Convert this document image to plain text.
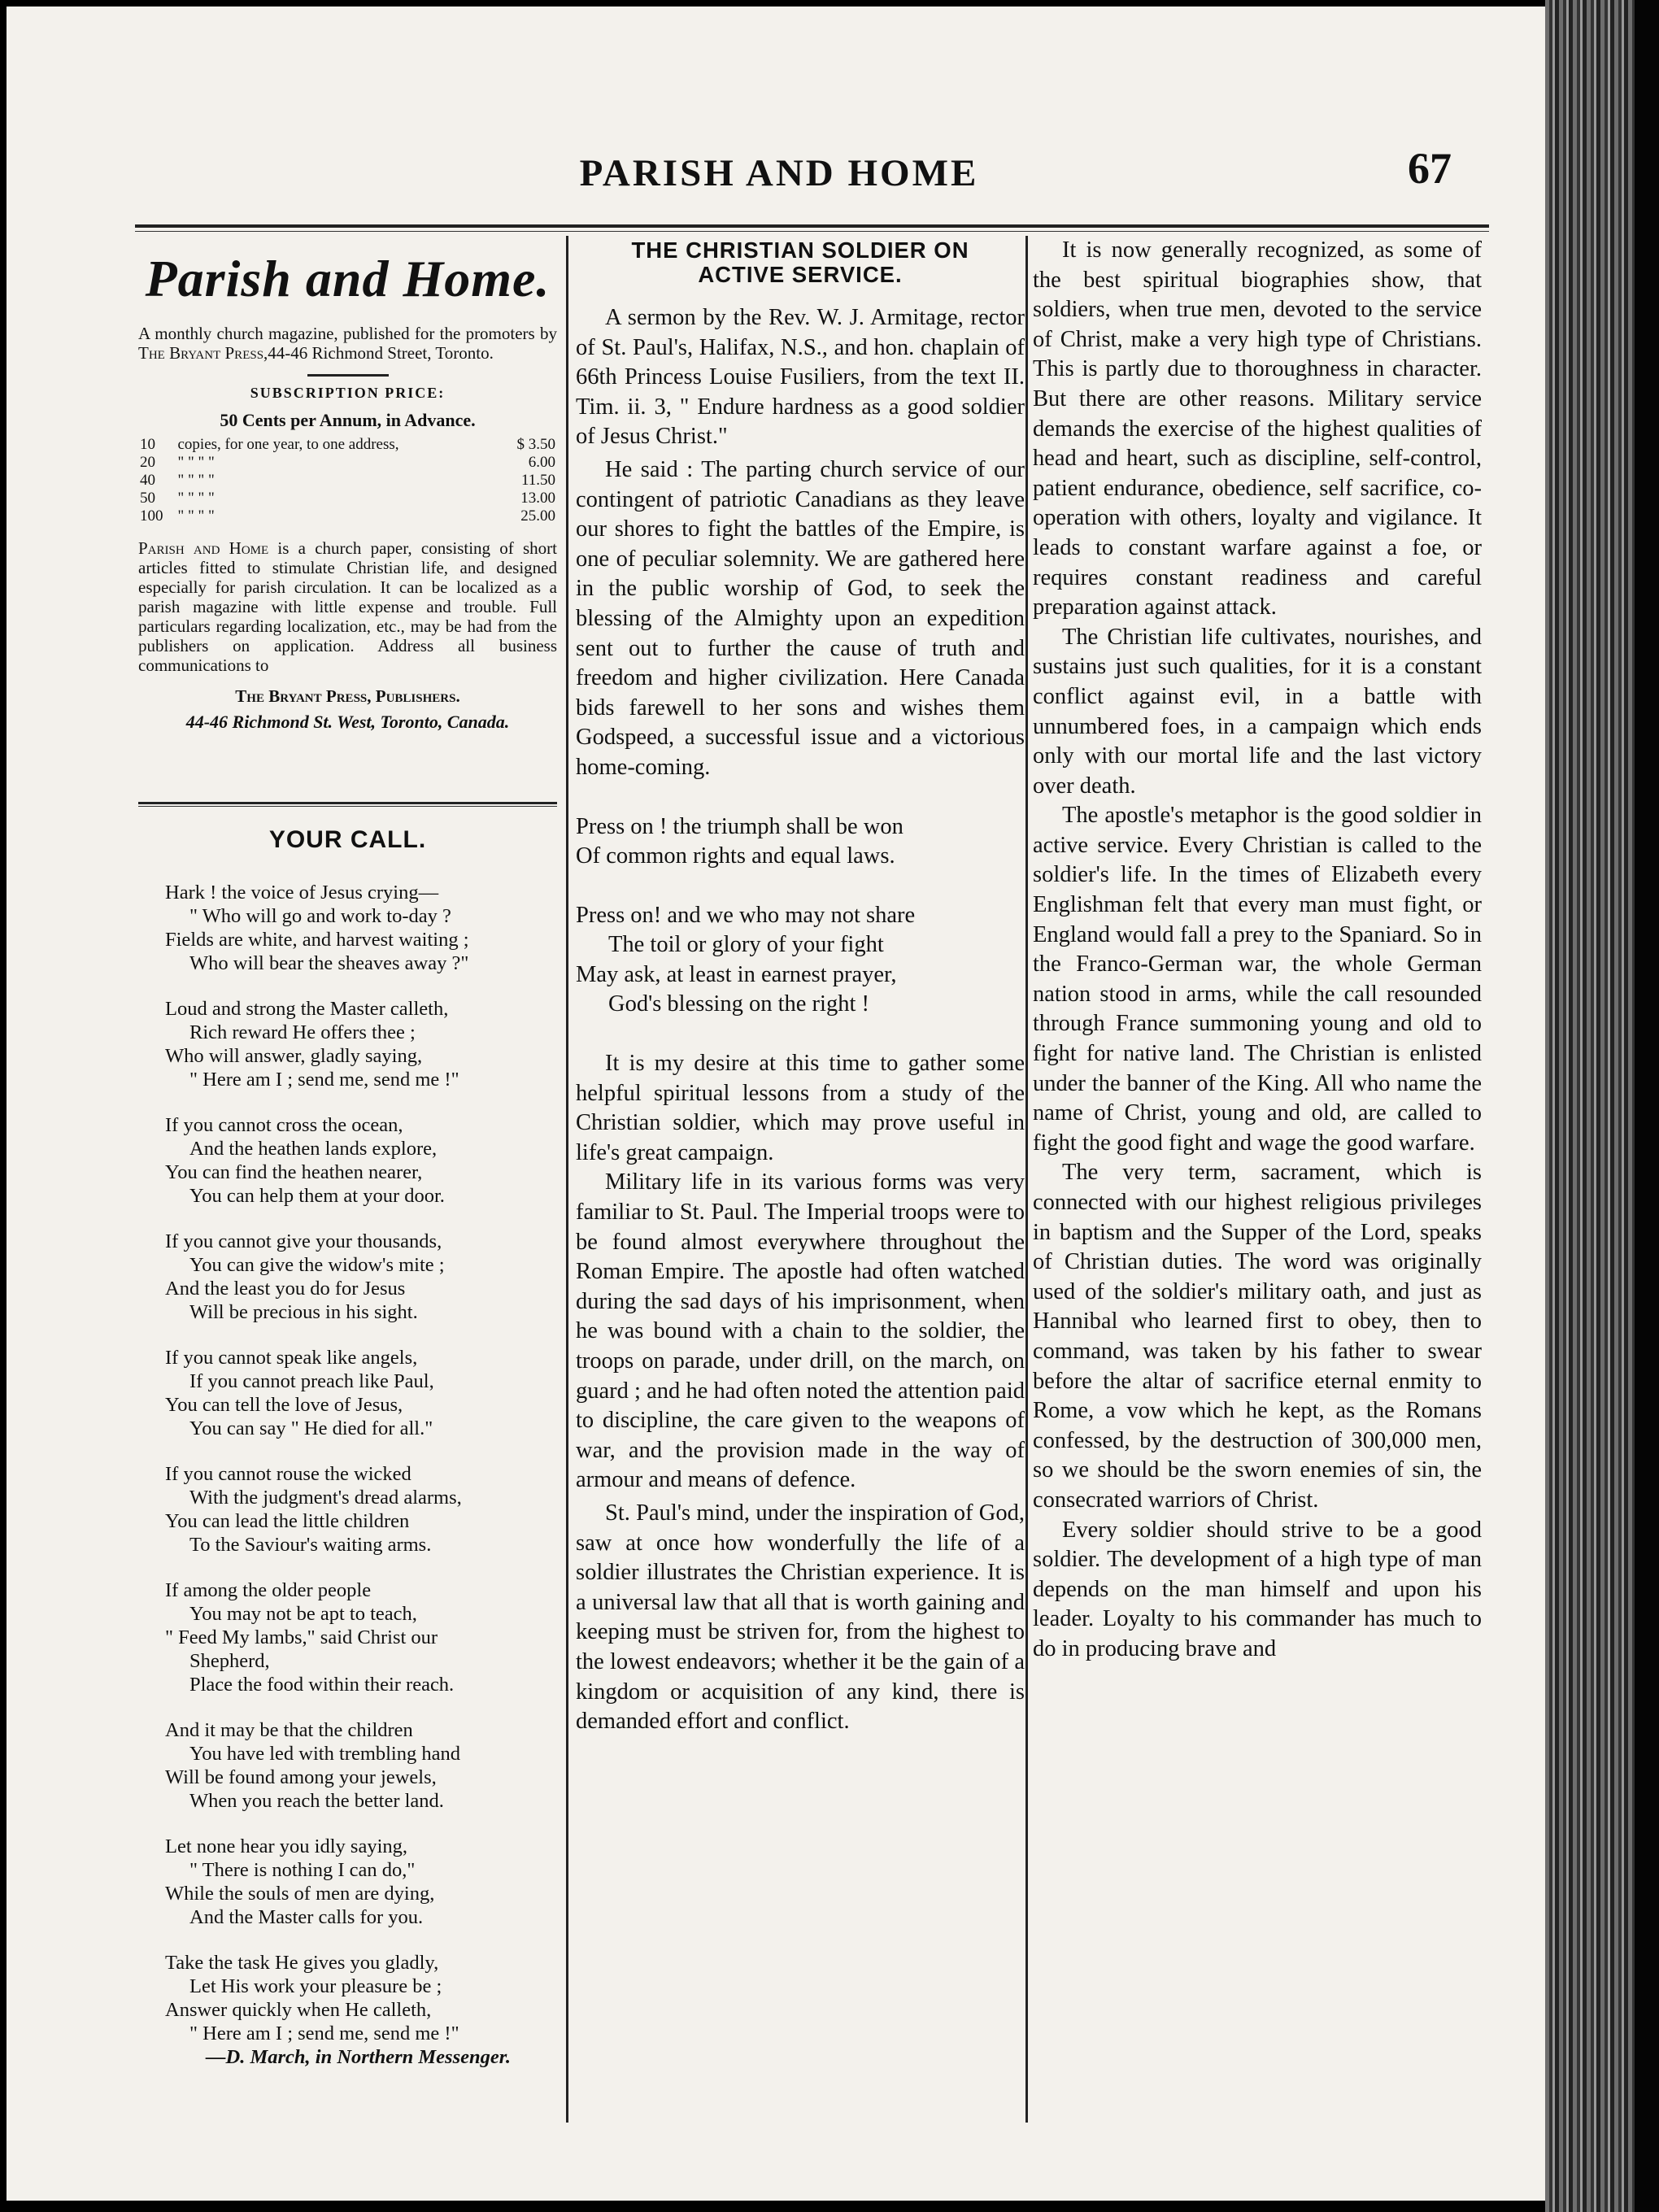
PARISH AND HOME	67
Parish and Home.
A monthly church magazine, published for the promoters by The Bryant Press,44-46 Richmond Street, Toronto.
SUBSCRIPTION PRICE:
50 Cents per Annum, in Advance.
10	copies, for one year, to one address,	$ 3.50
20	" " " "	6.00
40	" " " "	11.50
50	" " " "	13.00
100	" " " "	25.00
Parish and Home is a church paper, consisting of short articles fitted to stimulate Christian life, and designed especially for parish circulation. It can be localized as a parish magazine with little expense and trouble. Full particulars regarding localization, etc., may be had from the publishers on application. Address all business communications to
The Bryant Press, Publishers.
44-46 Richmond St. West, Toronto, Canada.
YOUR CALL.
Hark ! the voice of Jesus crying—
" Who will go and work to-day ?
Fields are white, and harvest waiting ;
Who will bear the sheaves away ?"
Loud and strong the Master calleth,
Rich reward He offers thee ;
Who will answer, gladly saying,
" Here am I ; send me, send me !"
If you cannot cross the ocean,
And the heathen lands explore,
You can find the heathen nearer,
You can help them at your door.
If you cannot give your thousands,
You can give the widow's mite ;
And the least you do for Jesus
Will be precious in his sight.
If you cannot speak like angels,
If you cannot preach like Paul,
You can tell the love of Jesus,
You can say " He died for all."
If you cannot rouse the wicked
With the judgment's dread alarms,
You can lead the little children
To the Saviour's waiting arms.
If among the older people
You may not be apt to teach,
" Feed My lambs," said Christ our
Shepherd,
Place the food within their reach.
And it may be that the children
You have led with trembling hand
Will be found among your jewels,
When you reach the better land.
Let none hear you idly saying,
" There is nothing I can do,"
While the souls of men are dying,
And the Master calls for you.
Take the task He gives you gladly,
Let His work your pleasure be ;
Answer quickly when He calleth,
" Here am I ; send me, send me !"
—D. March, in Northern Messenger.
THE CHRISTIAN SOLDIER ON
ACTIVE SERVICE.

A sermon by the Rev. W. J. Armitage, rector of St. Paul's, Halifax, N.S., and hon. chaplain of 66th Princess Louise Fusiliers, from the text II. Tim. ii. 3, " Endure hardness as a good soldier of Jesus Christ."

He said : The parting church service of our contingent of patriotic Canadians as they leave our shores to fight the battles of the Empire, is one of peculiar solemnity. We are gathered here in the public worship of God, to seek the blessing of the Almighty upon an expedition sent out to further the cause of truth and freedom and higher civilization. Here Canada bids farewell to her sons and wishes them Godspeed, a successful issue and a victorious home-coming.

Press on ! the triumph shall be won
Of common rights and equal laws.
Press on! and we who may not share
The toil or glory of your fight
May ask, at least in earnest prayer,
God's blessing on the right !

It is my desire at this time to gather some helpful spiritual lessons from a study of the Christian soldier, which may prove useful in life's great campaign.

Military life in its various forms was very familiar to St. Paul. The Imperial troops were to be found almost everywhere throughout the Roman Empire. The apostle had often watched during the sad days of his imprisonment, when he was bound with a chain to the soldier, the troops on parade, under drill, on the march, on guard ; and he had often noted the attention paid to discipline, the care given to the weapons of war, and the provision made in the way of armour and means of defence.

St. Paul's mind, under the inspiration of God, saw at once how wonderfully the life of a soldier illustrates the Christian experience. It is a universal law that all that is worth gaining and keeping must be striven for, from the highest to the lowest endeavors; whether it be the gain of a kingdom or acquisition of any kind, there is demanded effort and conflict.

It is now generally recognized, as some of the best spiritual biographies show, that soldiers, when true men, devoted to the service of Christ, make a very high type of Christians. This is partly due to thoroughness in character. But there are other reasons. Military service demands the exercise of the highest qualities of head and heart, such as discipline, self-control, patient endurance, obedience, self sacrifice, co-operation with others, loyalty and vigilance. It leads to constant warfare against a foe, or requires constant readiness and careful preparation against attack.

The Christian life cultivates, nourishes, and sustains just such qualities, for it is a constant conflict against evil, in a battle with unnumbered foes, in a campaign which ends only with our mortal life and the last victory over death.

The apostle's metaphor is the good soldier in active service. Every Christian is called to the soldier's life. In the times of Elizabeth every Englishman felt that every man must fight, or England would fall a prey to the Spaniard. So in the Franco-German war, the whole German nation stood in arms, while the call resounded through France summoning young and old to fight for native land. The Christian is enlisted under the banner of the King. All who name the name of Christ, young and old, are called to fight the good fight and wage the good warfare.

The very term, sacrament, which is connected with our highest religious privileges in baptism and the Supper of the Lord, speaks of Christian duties. The word was originally used of the soldier's military oath, and just as Hannibal who learned first to obey, then to command, was taken by his father to swear before the altar of sacrifice eternal enmity to Rome, a vow which he kept, as the Romans confessed, by the destruction of 300,000 men, so we should be the sworn enemies of sin, the consecrated warriors of Christ.

Every soldier should strive to be a good soldier. The development of a high type of man depends on the man himself and upon his leader. Loyalty to his commander has much to do in producing brave and
